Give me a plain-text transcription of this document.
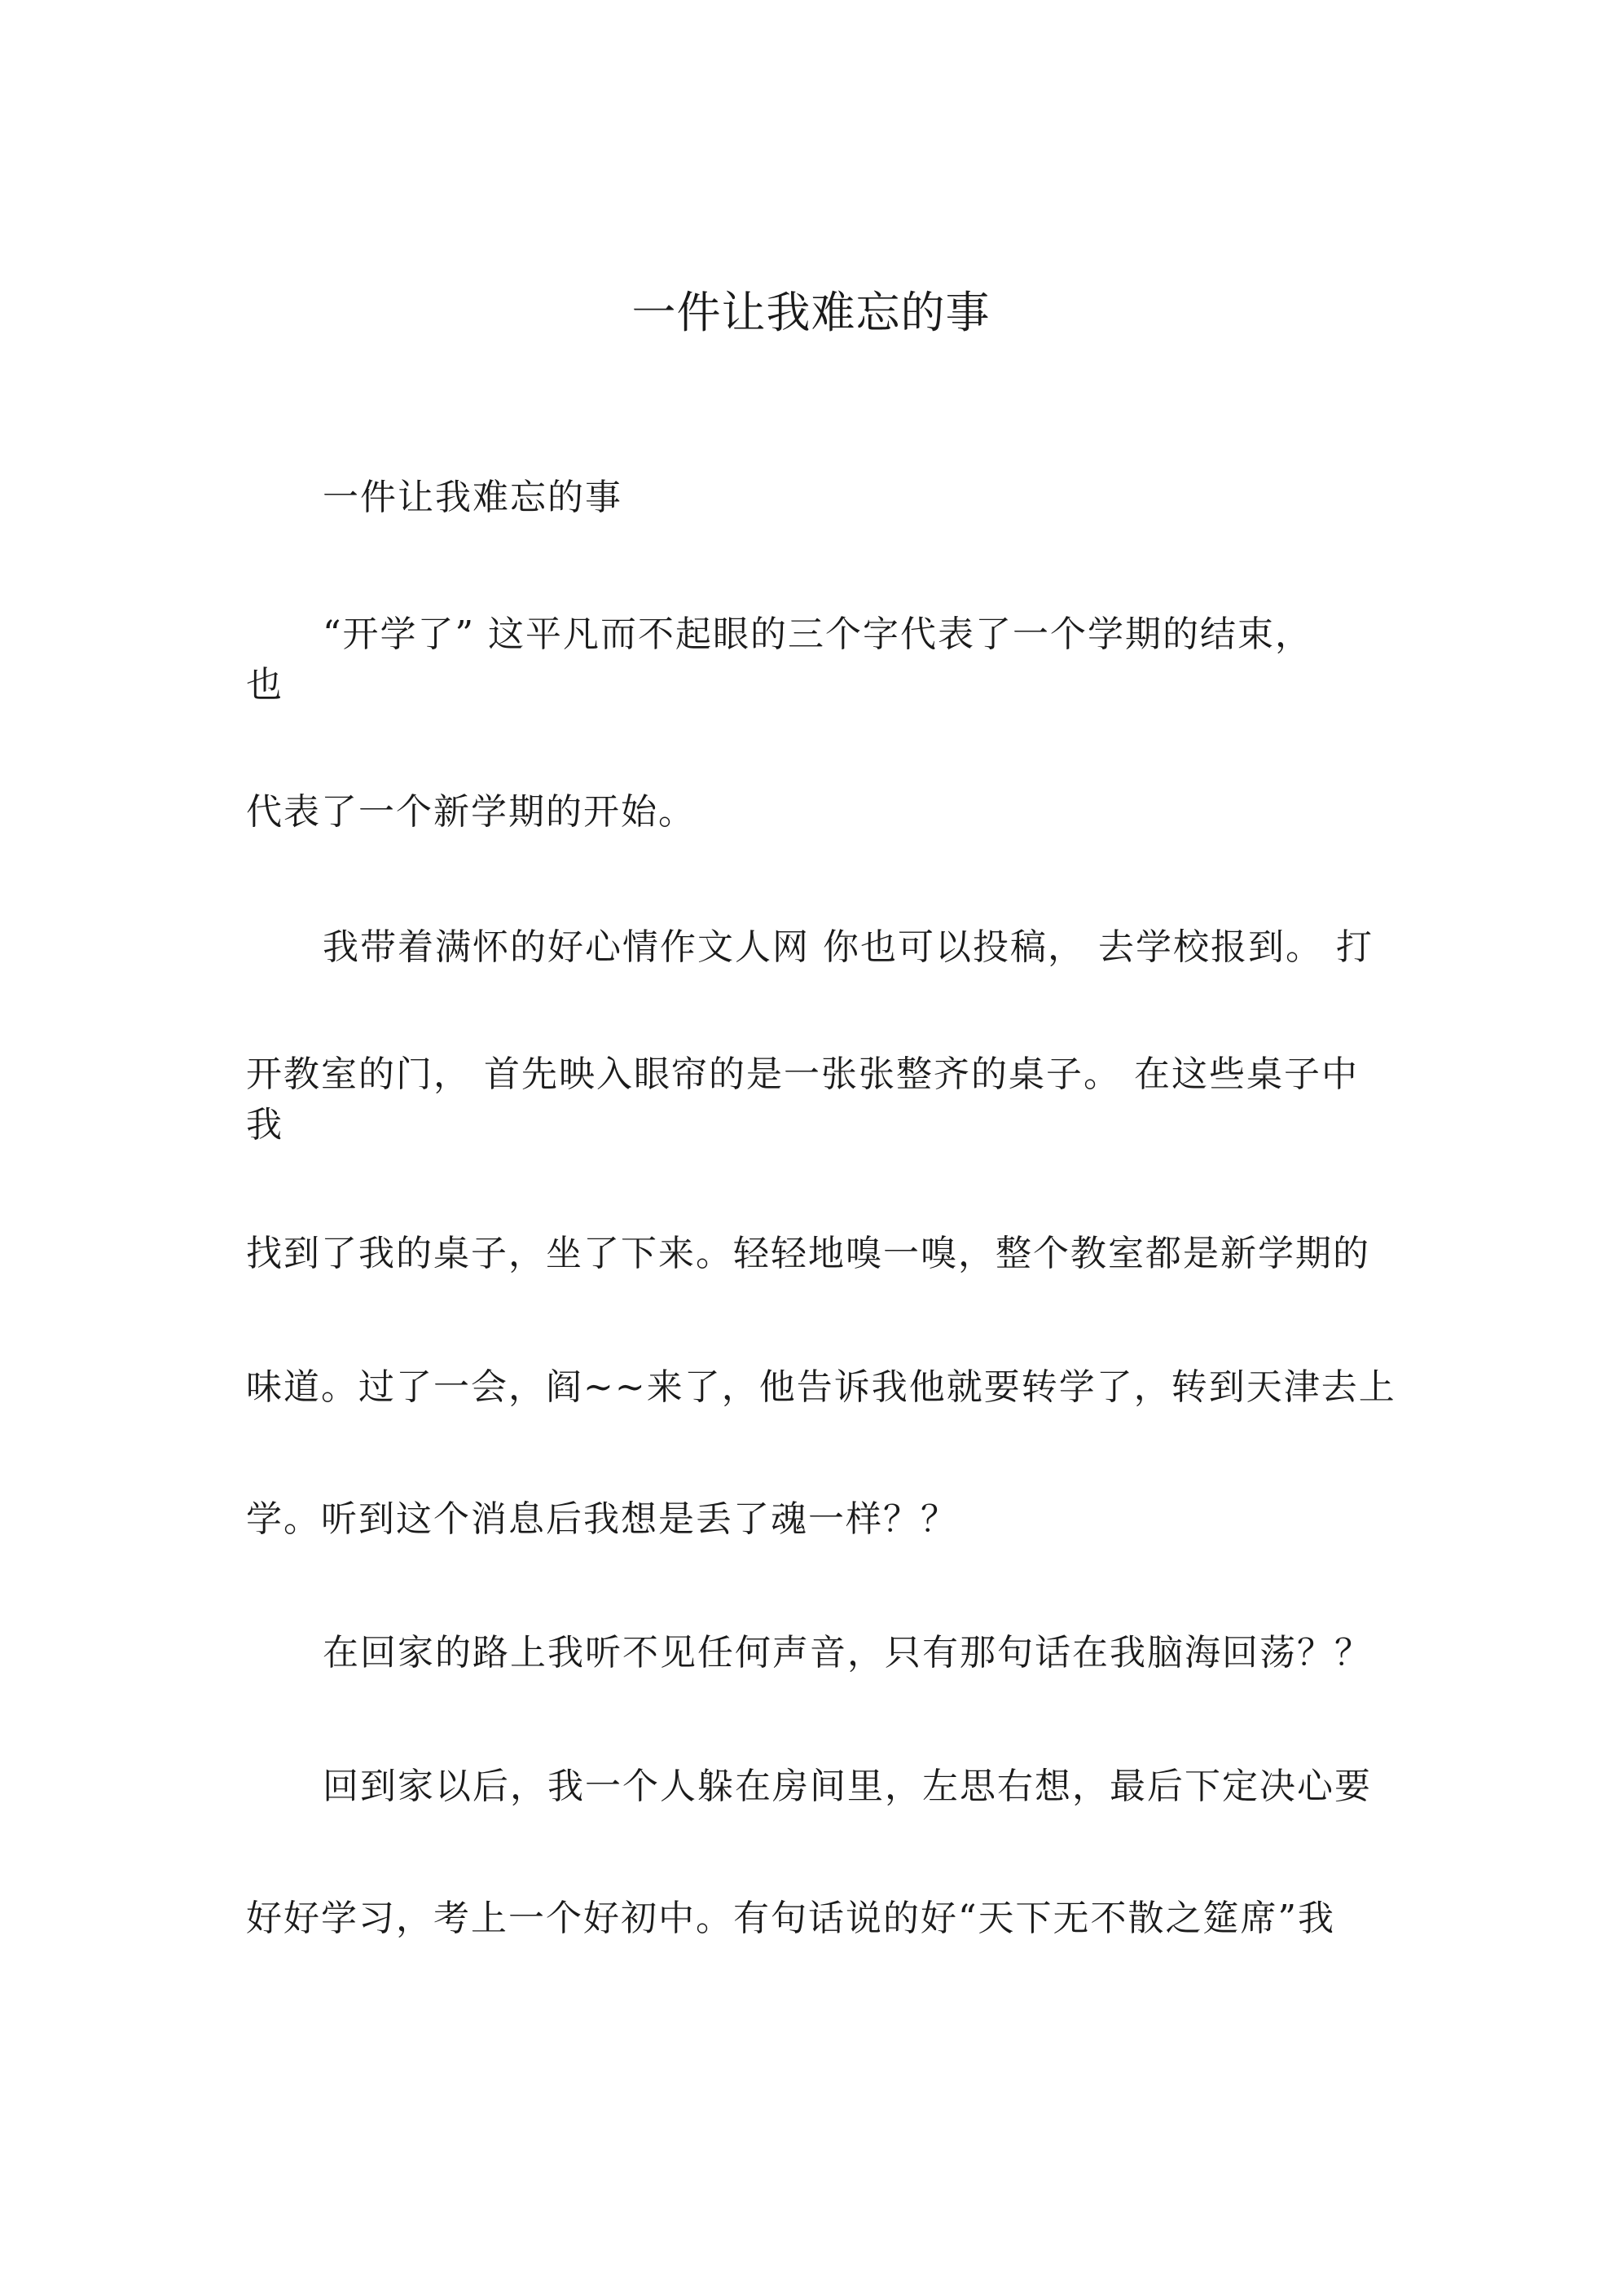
一件让我难忘的事
一件让我难忘的事
“开学了” 这平凡而不起眼的三个字代表了一个学期的结束，
也
代表了一个新学期的开始。
我带着满怀的好心情作文人网 你也可以投稿， 去学校报到。 打
开教室的门， 首先映入眼帘的是一张张整齐的桌子。 在这些桌子中
我
找到了我的桌子，坐了下来。轻轻地嗅一嗅，整个教室都是新学期的
味道。过了一会，阎~~来了，他告诉我他就要转学了，转到天津去上
学。听到这个消息后我想是丢了魂一样？？
在回家的路上我听不见任何声音，只有那句话在我脑海回荡？？
回到家以后，我一个人躲在房间里，左思右想，最后下定决心要
好好学习，考上一个好初中。有句话说的好“天下无不散之筵席”我
